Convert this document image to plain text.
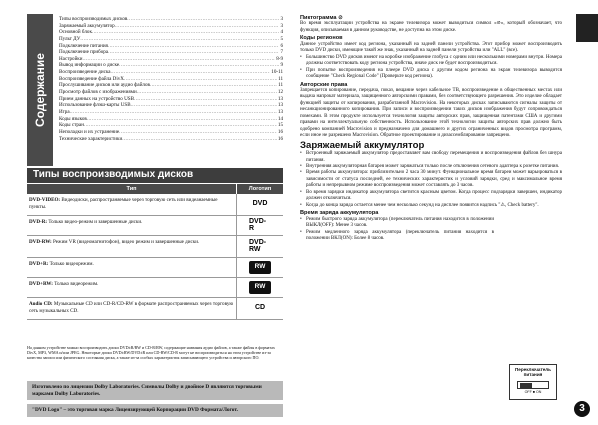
Содержание
Типы воспроизводимых дисков .....	3
Заряжаемый аккумулятор .....	3
Основной блок .....	4
Пульт ДУ .....	5
Подключение питания .....	6
Подключение прибора .....	7
Настройки .....	8-9
Вывод информации о диске .....	9
Воспроизведение диска .....	10-11
Воспроизведение файла DivX .....	11
Прослушивание дисков или аудио файлов .....	11
Просмотр файлов с изображениями .....	12
Прием данных на устройство USB .....	13
Использование флэш-карты USB .....	13
Игра .....	13
Коды языков .....	14
Коды стран .....	15
Неполадки и их устранение .....	16
Технические характеристики .....	16
Типы воспроизводимых дисков
Тип	Логотип
DVD-VIDEO: Видеодиски, распространяемые через торговую сеть или видеанаемные пункты.	DVD
DVD-R: Только видео-режим и завершенные диски.	DVD-R
DVD-RW: Режим VR (видеомагнитофон), видео режим и завершенные диски.	DVD-RW
DVD+R: Только видеорежим.	RW
DVD+RW: Только видеорежим.	RW
Audio CD: Музыкальные CD или CD-R/CD-RW в формате распространяемых через торговую сеть музыкальных CD.	CD

На данном устройстве можно воспроизводить диски DVD±R/RW и CD-R/RW, содержащие названия аудио файлов, а также файлы в форматах DivX, MP3, WMA и/или JPEG. Некоторые диски DVD±RW/DVD±R или CD-RW/CD-R могут не воспроизводиться на этом устройстве из-за качества записи или физического состояния диска, а также из-за особых характеристик записывающего устройства и авторского ПО.

Изготовлено по лицензии Dolby Laboratories. Символы Dolby и двойное D являются торговыми марками Dolby Laboratories.
"DVD Logo" – это торговая марка Лицензирующей Корпорации DVD Формата/Логот.
Пиктограмма ⊘

Во время эксплуатации устройства на экране телевизора может выводиться символ «⊘», который обозначает, что функция, описываемая в данном руководстве, не доступна на этом диске.

Коды регионов

Данное устройство имеет код региона, указанный на задней панели устройства. Этот прибор может воспроизводить только DVD диски, имеющие такой же знак, указанный на задней панели устройства или "ALL" (все).

• Большинство DVD дисков имеют на коробке изображение глобуса с одним или несколькими номерами внутри. Номера должны соответствовать коду региона устройства, иначе диск не будет воспроизводиться.

• При попытке воспроизведения на плеере DVD диска с другим кодом региона на экран телевизора выводится сообщение "Check Regional Code" (Проверьте код региона).

Авторские права

Запрещается копирование, передача, показ, вещание через кабельное ТВ, воспроизведение в общественных местах или выдача напрокат материала, защищенного авторскими правами, без соответствующего разрешения. Это изделие обладает функцией защиты от копирования, разработанной Macrovision. На некоторых дисках записываются сигналы защиты от несанкционированного копирования. При записи и воспроизведении таких дисков изображения будут сопровождаться помехами. В этом продукте используется технология защиты авторских прав, защищенная патентами США и другими правами на интеллектуальную собственность. Использование этой технологии защиты авторских прав должно быть одобрено компанией Macrovision и предназначено для домашнего и других ограниченных видов просмотра программ, если иное не разрешено Macrovision. Обратное проектирование и дизассемблирование запрещено.

Заряжаемый аккумулятор

• Встроенный заряжаемый аккумулятор предоставляет вам свободу перемещения и воспроизведения файлов без шнура питания.

• Внутренняя аккумуляторная батарея может заряжаться только после отключения сетевого адаптера к розетке питания.

• Время работы аккумулятора: приблизительно 2 часа 30 минут. Функциональное время батареи может варьироваться в зависимости от статуса последней, ее технических характеристик и условий зарядки, сред и максимальное время работы и непрерывном режиме воспроизведения может составлять до 3 часов.

• Во время зарядки индикатор аккумулятора светится красным цветом. Когда процесс подзарядки завершен, индикатор должен отключиться.

• Когда до конца заряда остается менее чем несколько секунд на дисплее появится надпись "⚠, Check battery".

Время заряда аккумулятора

• Режим быстрого заряда аккумулятора (переключатель питания находится в положении ВЫКЛ(OFF): Менее 3 часов.

• Режим медленного заряда аккумулятора (переключатель питания находится в положении ВКЛ(ON): Более 8 часов.

Переключатель питания
OFF ■ ON
3
